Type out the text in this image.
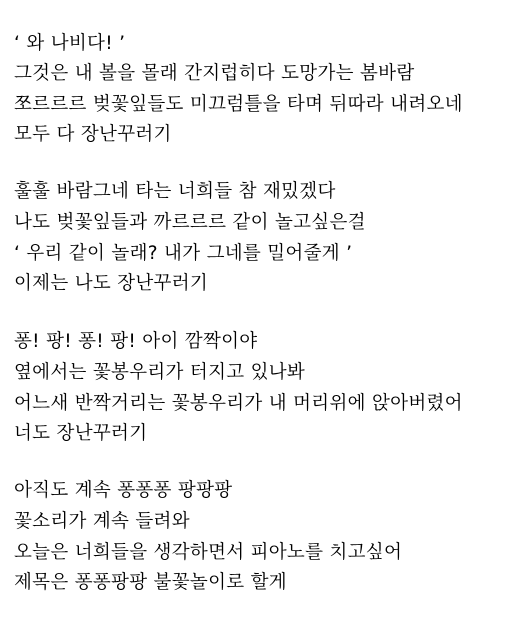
‘ 와 나비다! ’
그것은 내 볼을 몰래 간지럽히다 도망가는 봄바람
쪼르르르 벚꽃잎들도 미끄럼틀을 타며 뒤따라 내려오네
모두 다 장난꾸러기
훌훌 바람그네 타는 너희들 참 재밌겠다
나도 벚꽃잎들과 까르르르 같이 놀고싶은걸
‘ 우리 같이 놀래? 내가 그네를 밀어줄게 ’
이제는 나도 장난꾸러기
퐁! 팡! 퐁! 팡! 아이 깜짝이야
옆에서는 꽃봉우리가 터지고 있나봐
어느새 반짝거리는 꽃봉우리가 내 머리위에 앉아버렸어
너도 장난꾸러기
아직도 계속 퐁퐁퐁 팡팡팡
꽃소리가 계속 들려와
오늘은 너희들을 생각하면서 피아노를 치고싶어
제목은 퐁퐁팡팡 불꽃놀이로 할게
